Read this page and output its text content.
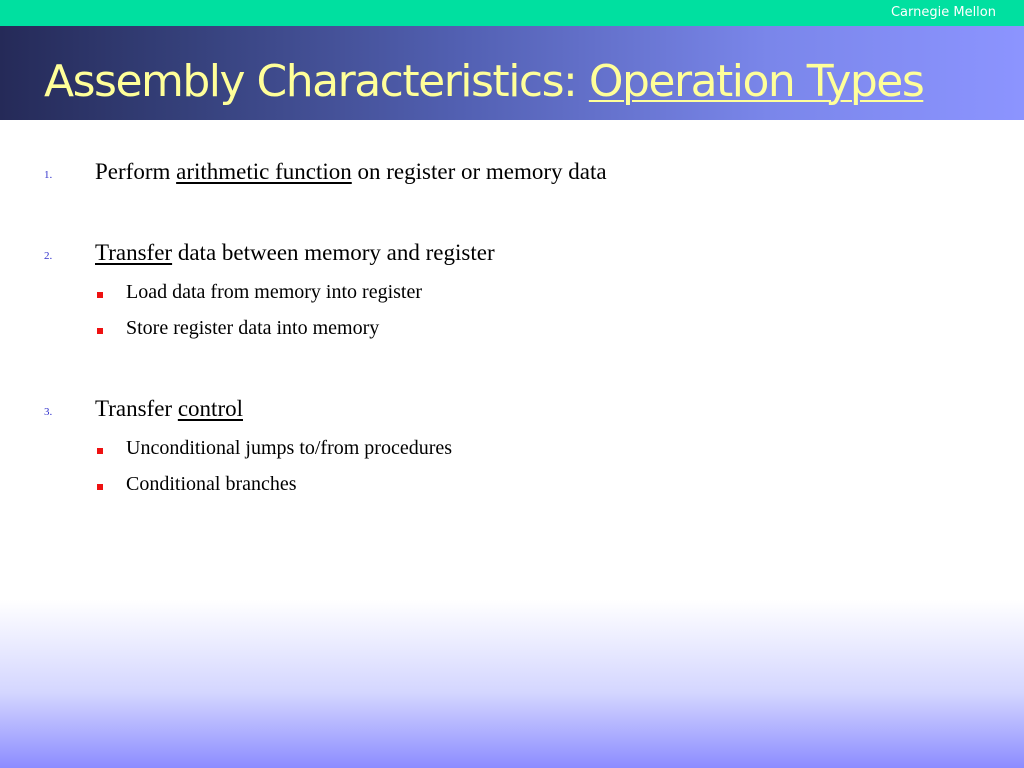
Carnegie Mellon
Assembly Characteristics: Operation Types
1. Perform arithmetic function on register or memory data
2. Transfer data between memory and register
Load data from memory into register
Store register data into memory
3. Transfer control
Unconditional jumps to/from procedures
Conditional branches
